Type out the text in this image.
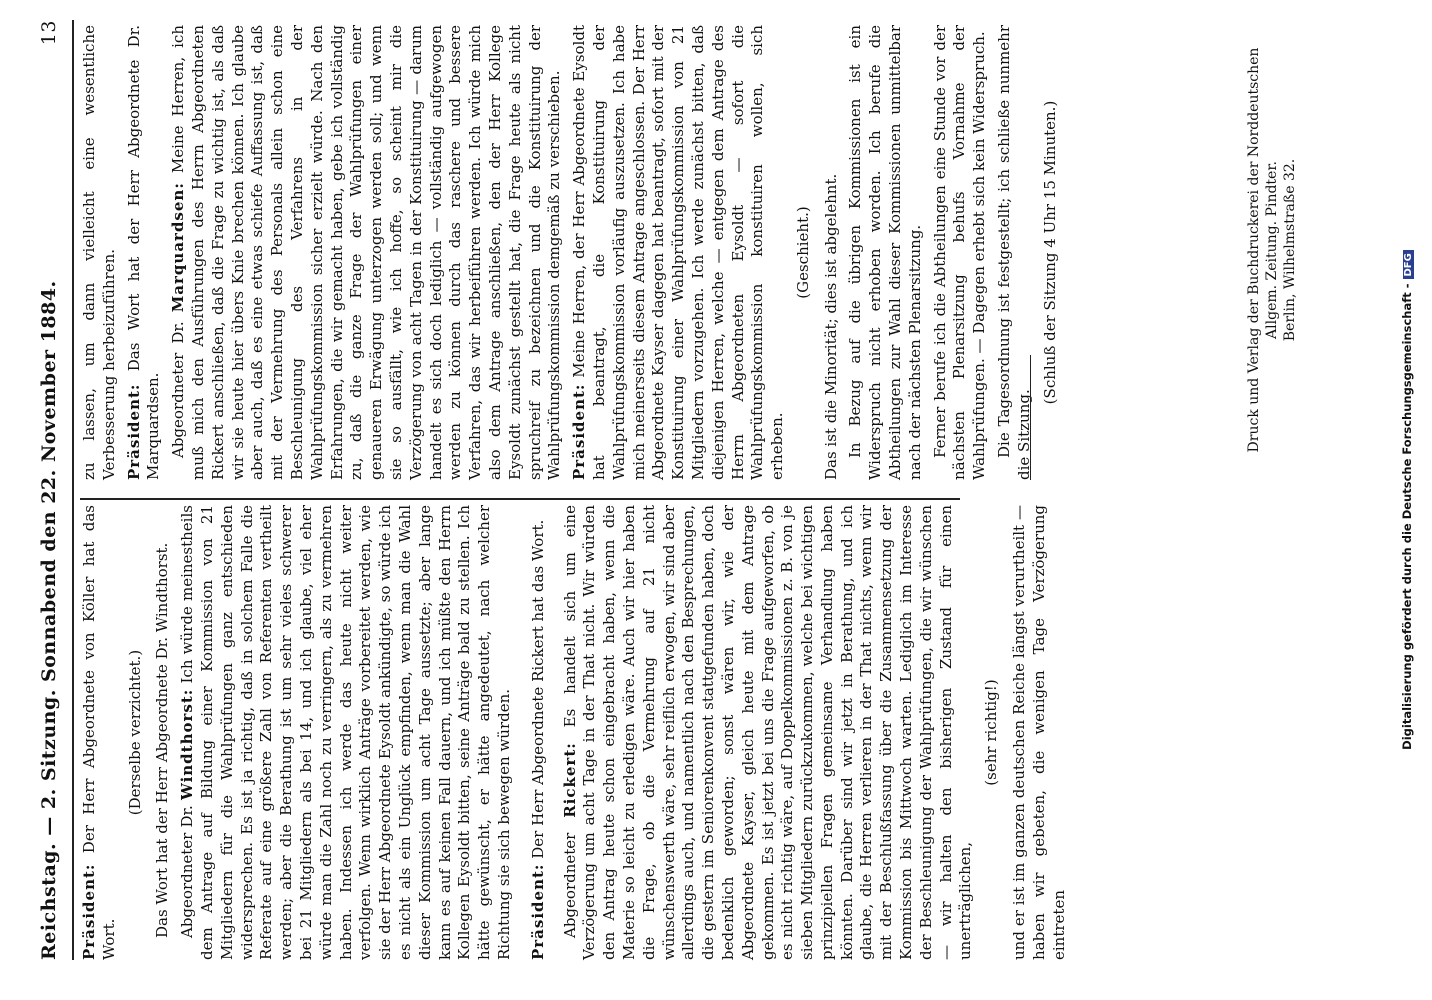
Reichstag. — 2. Sitzung. Sonnabend den 22. November 1884.
13

Präsident: Der Herr Abgeordnete von Köller hat das Wort.

(Derselbe verzichtet.) Das Wort hat der Herr Abgeordnete Dr. Windthorst. Abgeordneter Dr. Windthorst: Ich würde meinestheils dem Antrage auf Bildung einer Kommission von 21 Mitgliedern für die Wahlprüfungen ganz entschieden widersprechen. Es ist ja richtig, daß in solchem Falle die Referate auf eine größere Zahl von Referenten vertheilt werden; aber die Berathung ist um sehr vieles schwerer bei 21 Mitgliedern als bei 14, und ich glaube, viel eher würde man die Zahl noch zu verringern, als zu vermehren haben. Indessen ich werde das heute nicht weiter verfolgen. Wenn wirklich Anträge vorbereitet werden, wie sie der Herr Abgeordnete Eysoldt ankündigte, so würde ich es nicht als ein Unglück empfinden, wenn man die Wahl dieser Kommission um acht Tage aussetzte; aber lange kann es auf keinen Fall dauern, und ich müßte den Herrn Kollegen Eysoldt bitten, seine Anträge bald zu stellen. Ich hätte gewünscht, er hätte angedeutet, nach welcher Richtung sie sich bewegen würden. Präsident: Der Herr Abgeordnete Rickert hat das Wort.

Abgeordneter Rickert: Es handelt sich um eine Verzögerung um acht Tage in der That nicht. Wir würden den Antrag heute schon eingebracht haben, wenn die Materie so leicht zu erledigen wäre. Auch wir hier haben die Frage, ob die Vermehrung auf 21 nicht wünschenswerth wäre, sehr reiflich erwogen, wir sind aber allerdings auch, und namentlich nach den Besprechungen, die gestern im Seniorenkonvent stattgefunden haben, doch bedenklich geworden; sonst wären wir, wie der Abgeordnete Kayser, gleich heute mit dem Antrage gekommen. Es ist jetzt bei uns die Frage aufgeworfen, ob es nicht richtig wäre, auf Doppelkommissionen z. B. von je sieben Mitgliedern zurückzukommen, welche bei wichtigen prinzipiellen Fragen gemeinsame Verhandlung haben könnten. Darüber sind wir jetzt in Berathung, und ich glaube, die Herren verlieren in der That nichts, wenn wir mit der Beschlußfassung über die Zusammensetzung der Kommission bis Mittwoch warten. Lediglich im Interesse der Beschleunigung der Wahlprüfungen, die wir wünschen — wir halten den bisherigen Zustand für einen unerträglichen,

(sehr richtig!) und er ist im ganzen deutschen Reiche längst verurtheilt — haben wir gebeten, die wenigen Tage Verzögerung eintreten

zu lassen, um dann vielleicht eine wesentliche Verbesserung herbeizuführen. Präsident: Das Wort hat der Herr Abgeordnete Dr. Marquardsen. Abgeordneter Dr. Marquardsen: Meine Herren, ich muß mich den Ausführungen des Herrn Abgeordneten Rickert anschließen, daß die Frage zu wichtig ist, als daß wir sie heute hier übers Knie brechen können. Ich glaube aber auch, daß es eine etwas schiefe Auffassung ist, daß mit der Vermehrung des Personals allein schon eine Beschleunigung des Verfahrens in der Wahlprüfungskommission sicher erzielt würde. Nach den Erfahrungen, die wir gemacht haben, gebe ich vollständig zu, daß die ganze Frage der Wahlprüfungen einer genaueren Erwägung unterzogen werden soll; und wenn sie so ausfällt, wie ich hoffe, so scheint mir die Verzögerung von acht Tagen in der Konstituirung — darum handelt es sich doch lediglich — vollständig aufgewogen werden zu können durch das raschere und bessere Verfahren, das wir herbeiführen werden. Ich würde mich also dem Antrage anschließen, den der Herr Kollege Eysoldt zunächst gestellt hat, die Frage heute als nicht spruchreif zu bezeichnen und die Konstituirung der Wahlprüfungskommission demgemäß zu verschieben. Präsident: Meine Herren, der Herr Abgeordnete Eysoldt hat beantragt, die Konstituirung der Wahlprüfungskommission vorläufig auszusetzen. Ich habe mich meinerseits diesem Antrage angeschlossen. Der Herr Abgeordnete Kayser dagegen hat beantragt, sofort mit der Konstituirung einer Wahlprüfungskommission von 21 Mitgliedern vorzugehen. Ich werde zunächst bitten, daß diejenigen Herren, welche — entgegen dem Antrage des Herrn Abgeordneten Eysoldt — sofort die Wahlprüfungskommission konstituiren wollen, sich erheben.

(Geschieht.) Das ist die Minorität; dies ist abgelehnt. In Bezug auf die übrigen Kommissionen ist ein Widerspruch nicht erhoben worden. Ich berufe die Abtheilungen zur Wahl dieser Kommissionen unmittelbar nach der nächsten Plenarsitzung. Ferner berufe ich die Abtheilungen eine Stunde vor der nächsten Plenarsitzung behufs Vornahme der Wahlprüfungen. — Dagegen erhebt sich kein Widerspruch. Die Tagesordnung ist festgestellt; ich schließe nunmehr die Sitzung.

(Schluß der Sitzung 4 Uhr 15 Minuten.)	Druck und Verlag der Buchdruckerei der Norddeutschen Allgem. Zeitung. Pindter. Berlin, Wilhelmstraße 32.
Digitalisierung gefördert durch die Deutsche Forschungsgemeinschaft -DFG
